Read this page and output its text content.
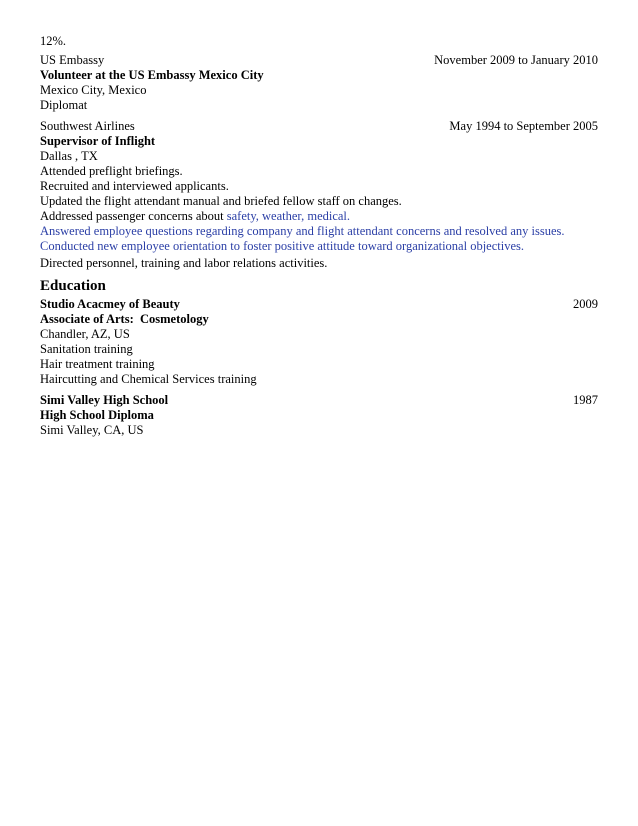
12%.
US Embassy	November 2009 to January 2010
Volunteer at the US Embassy Mexico City
Mexico City, Mexico
Diplomat
Southwest Airlines	May 1994 to September 2005
Supervisor of Inflight
Dallas , TX
Attended preflight briefings.
Recruited and interviewed applicants.
Updated the flight attendant manual and briefed fellow staff on changes.
Addressed passenger concerns about safety, weather, medical.
Answered employee questions regarding company and flight attendant concerns and resolved any issues.
Conducted new employee orientation to foster positive attitude toward organizational objectives.
Directed personnel, training and labor relations activities.
Education
Studio Acacmey of Beauty	2009
Associate of Arts: Cosmetology
Chandler, AZ, US
Sanitation training
Hair treatment training
Haircutting and Chemical Services training
Simi Valley High School	1987
High School Diploma
Simi Valley, CA, US
